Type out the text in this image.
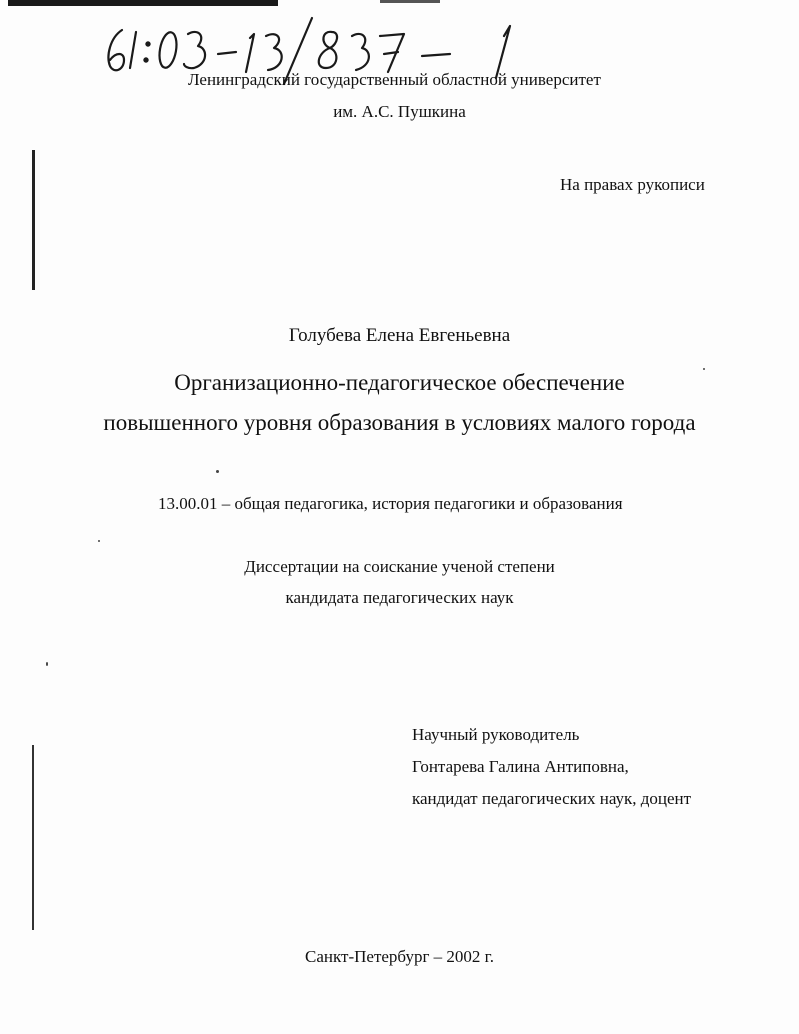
Ленинградский государственный областной университет
им. А.С. Пушкина
На правах рукописи
Голубева Елена Евгеньевна
Организационно-педагогическое обеспечение
повышенного уровня образования в условиях малого города
13.00.01 – общая педагогика, история педагогики и образования
Диссертации на соискание ученой степени
кандидата педагогических наук
Научный руководитель
Гонтарева Галина Антиповна,
кандидат педагогических наук, доцент
Санкт-Петербург – 2002 г.
